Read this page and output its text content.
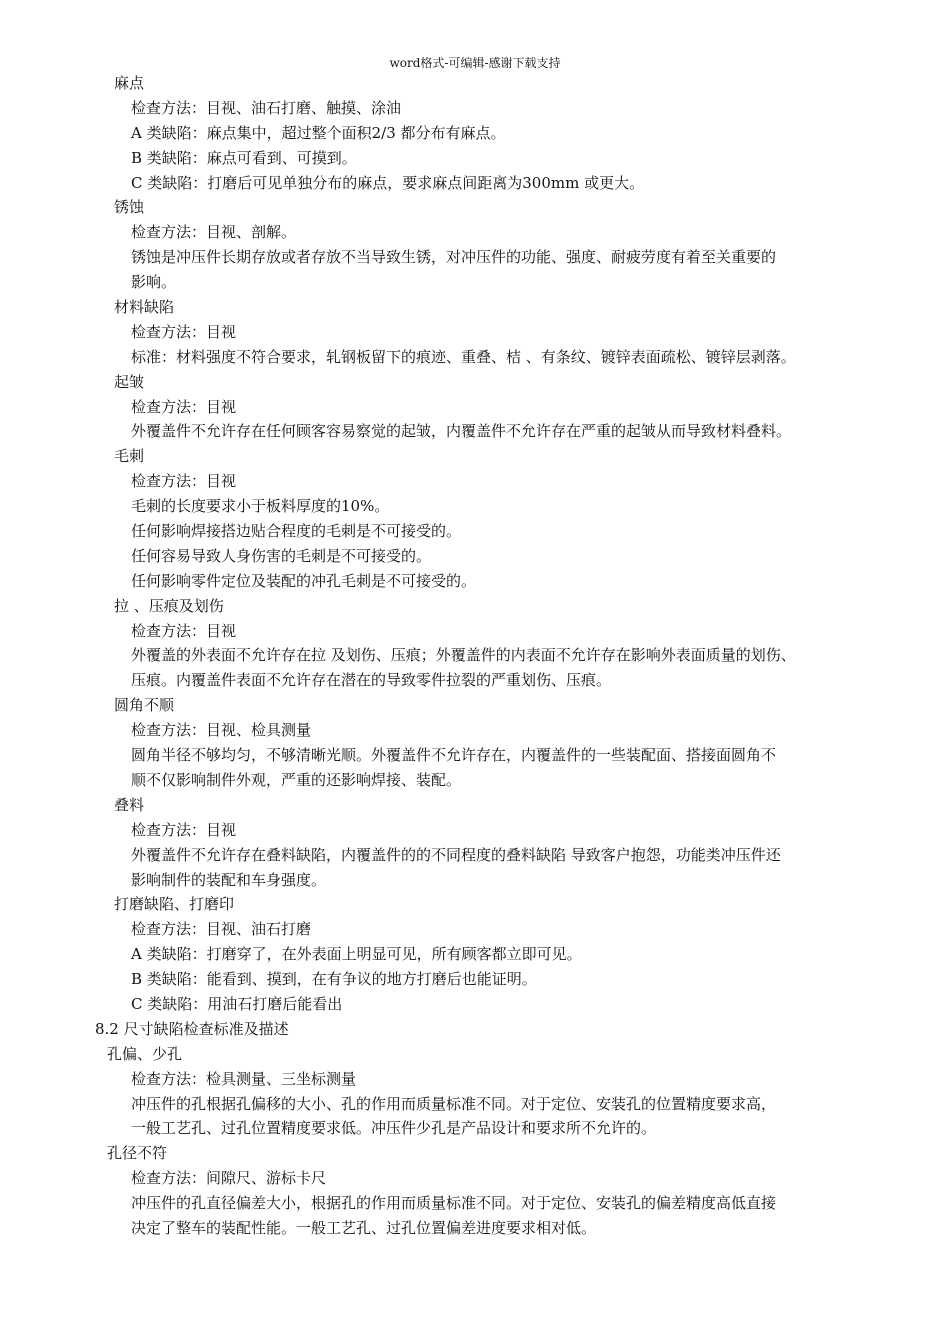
word格式-可编辑-感谢下载支持
麻点
检查方法：目视、油石打磨、触摸、涂油
A 类缺陷：麻点集中，超过整个面积2/3 都分布有麻点。
B 类缺陷：麻点可看到、可摸到。
C 类缺陷：打磨后可见单独分布的麻点，要求麻点间距离为300mm 或更大。
锈蚀
检查方法：目视、剖解。
锈蚀是冲压件长期存放或者存放不当导致生锈，对冲压件的功能、强度、耐疲劳度有着至关重要的
影响。
材料缺陷
检查方法：目视
标准：材料强度不符合要求，轧钢板留下的痕迹、重叠、桔 、有条纹、镀锌表面疏松、镀锌层剥落。
起皱
检查方法：目视
外覆盖件不允许存在任何顾客容易察觉的起皱，内覆盖件不允许存在严重的起皱从而导致材料叠料。
毛刺
检查方法：目视
毛刺的长度要求小于板料厚度的10%。
任何影响焊接搭边贴合程度的毛刺是不可接受的。
任何容易导致人身伤害的毛刺是不可接受的。
任何影响零件定位及装配的冲孔毛刺是不可接受的。
拉 、压痕及划伤
检查方法：目视
外覆盖的外表面不允许存在拉 及划伤、压痕；外覆盖件的内表面不允许存在影响外表面质量的划伤、
压痕。内覆盖件表面不允许存在潜在的导致零件拉裂的严重划伤、压痕。
圆角不顺
检查方法：目视、检具测量
圆角半径不够均匀，不够清晰光顺。外覆盖件不允许存在，内覆盖件的一些装配面、搭接面圆角不
顺不仅影响制件外观，严重的还影响焊接、装配。
叠料
检查方法：目视
外覆盖件不允许存在叠料缺陷，内覆盖件的的不同程度的叠料缺陷 导致客户抱怨，功能类冲压件还
影响制件的装配和车身强度。
打磨缺陷、打磨印
检查方法：目视、油石打磨
A 类缺陷：打磨穿了，在外表面上明显可见，所有顾客都立即可见。
B 类缺陷：能看到、摸到，在有争议的地方打磨后也能证明。
C 类缺陷：用油石打磨后能看出
8.2 尺寸缺陷检查标准及描述
孔偏、少孔
检查方法：检具测量、三坐标测量
冲压件的孔根据孔偏移的大小、孔的作用而质量标准不同。对于定位、安装孔的位置精度要求高，
一般工艺孔、过孔位置精度要求低。冲压件少孔是产品设计和要求所不允许的。
孔径不符
检查方法：间隙尺、游标卡尺
冲压件的孔直径偏差大小，根据孔的作用而质量标准不同。对于定位、安装孔的偏差精度高低直接
决定了整车的装配性能。一般工艺孔、过孔位置偏差进度要求相对低。
